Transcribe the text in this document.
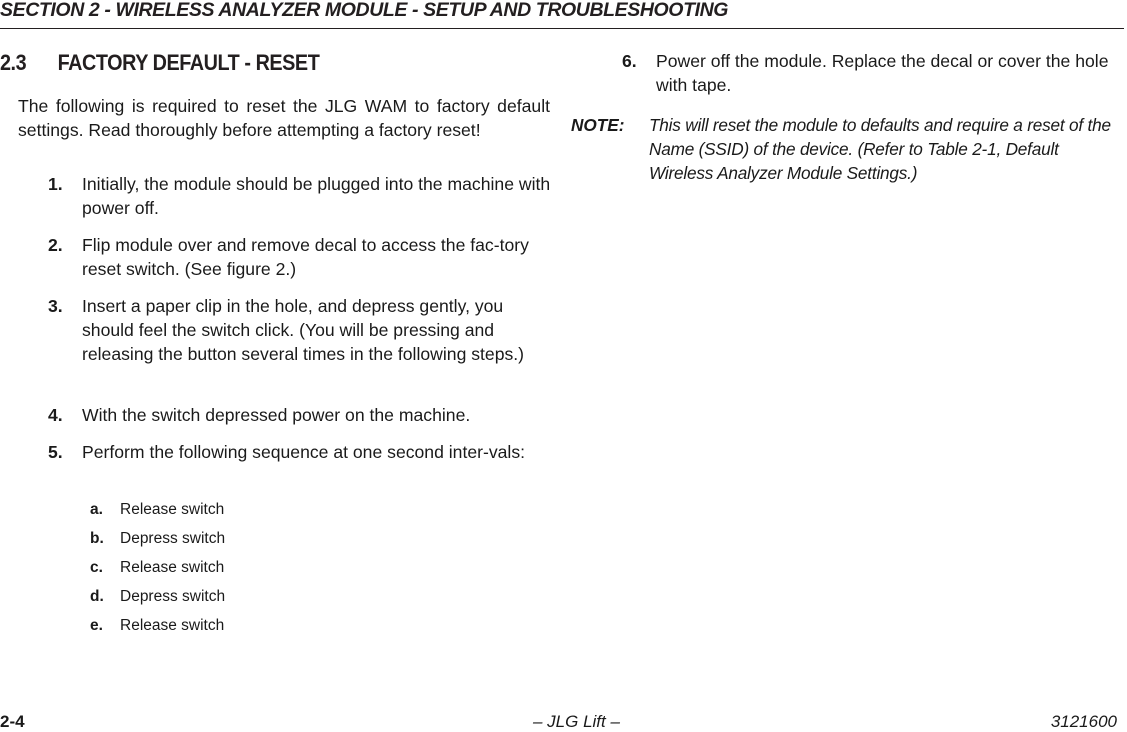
SECTION 2 - WIRELESS ANALYZER MODULE - SETUP AND TROUBLESHOOTING
2.3 FACTORY DEFAULT - RESET

The following is required to reset the JLG WAM to factory default settings. Read thoroughly before attempting a factory reset!

1. Initially, the module should be plugged into the machine with power off.
2. Flip module over and remove decal to access the fac-tory reset switch. (See figure 2.)
3. Insert a paper clip in the hole, and depress gently, you should feel the switch click. (You will be pressing and releasing the button several times in the following steps.)
4. With the switch depressed power on the machine.
5. Perform the following sequence at one second inter-vals:
a. Release switch
b. Depress switch
c. Release switch
d. Depress switch
e. Release switch
6. Power off the module. Replace the decal or cover the hole with tape.
NOTE: This will reset the module to defaults and require a reset of the Name (SSID) of the device. (Refer to Table 2-1, Default Wireless Analyzer Module Settings.)
2-4	– JLG Lift –	3121600
